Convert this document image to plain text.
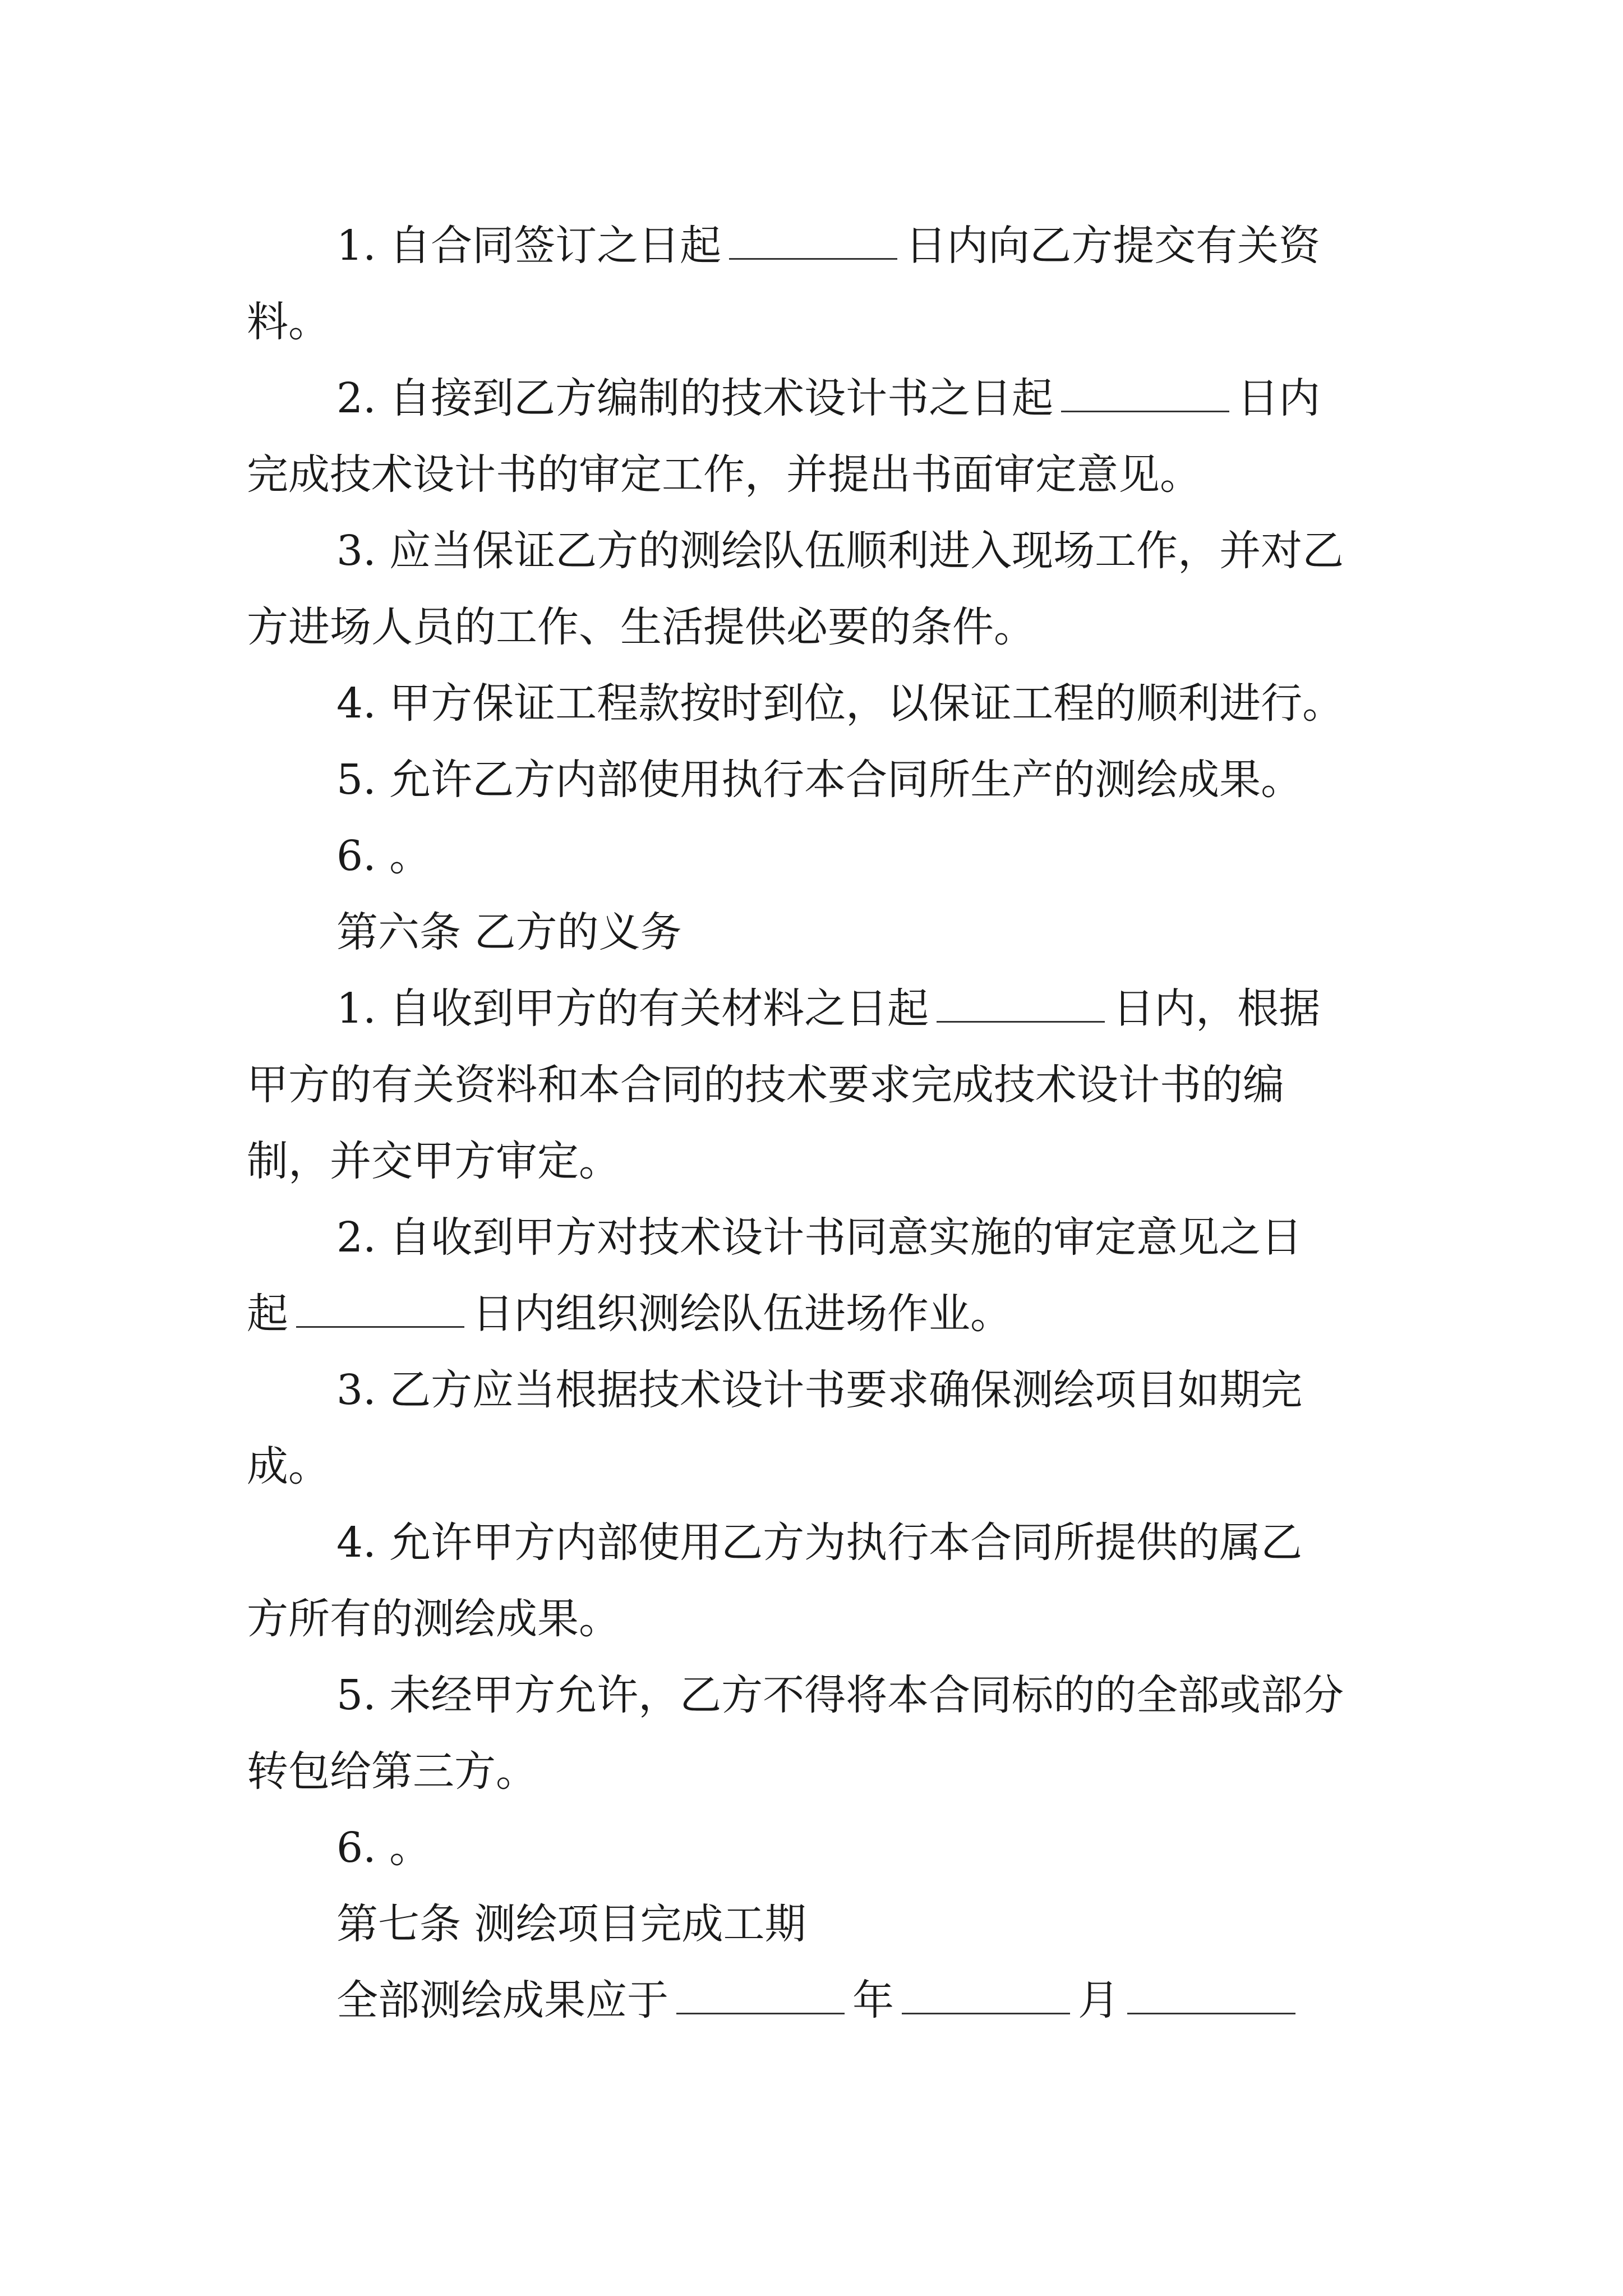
1. 自合同签订之日起	日内向乙方提交有关资
料。
2. 自接到乙方编制的技术设计书之日起	日内
完成技术设计书的审定工作，并提出书面审定意见。
3. 应当保证乙方的测绘队伍顺利进入现场工作，并对乙
方进场人员的工作、生活提供必要的条件。
4. 甲方保证工程款按时到位，以保证工程的顺利进行。
5. 允许乙方内部使用执行本合同所生产的测绘成果。
6. 。
第六条 乙方的义务
1. 自收到甲方的有关材料之日起	日内，根据
甲方的有关资料和本合同的技术要求完成技术设计书的编
制，并交甲方审定。
2. 自收到甲方对技术设计书同意实施的审定意见之日
起	日内组织测绘队伍进场作业。
3. 乙方应当根据技术设计书要求确保测绘项目如期完
成。
4. 允许甲方内部使用乙方为执行本合同所提供的属乙
方所有的测绘成果。
5. 未经甲方允许，乙方不得将本合同标的的全部或部分
转包给第三方。
6. 。
第七条 测绘项目完成工期
全部测绘成果应于	年	月
